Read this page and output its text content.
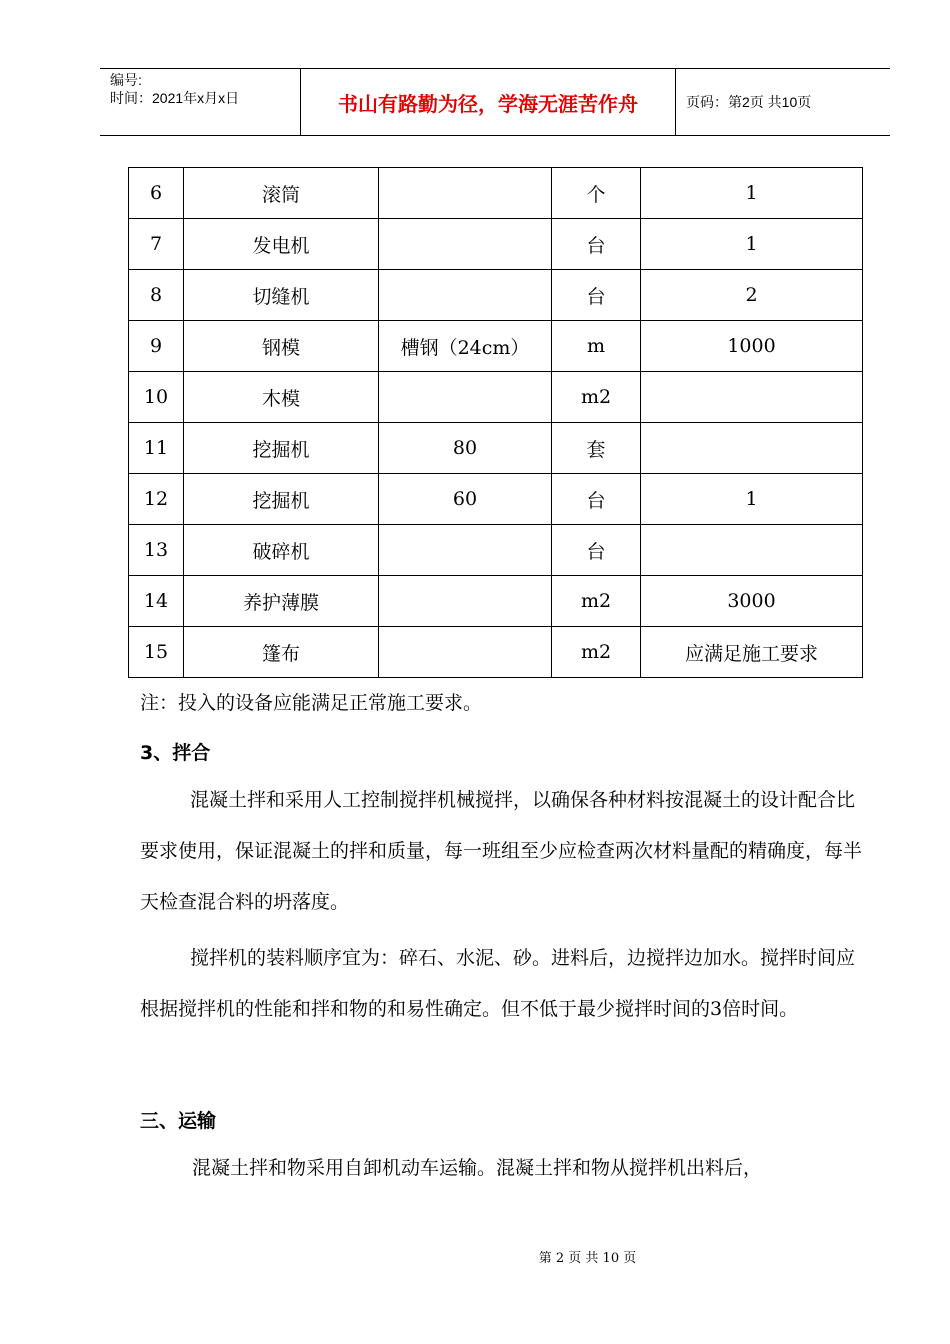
编号:
时间：2021年x月x日	书山有路勤为径，学海无涯苦作舟	页码：第2页 共10页
6	滚筒		个	1
7	发电机		台	1
8	切缝机		台	2
9	钢模	槽钢（24cm）	m	1000
10	木模		m2	
11	挖掘机	80	套	
12	挖掘机	60	台	1
13	破碎机		台	
14	养护薄膜		m2	3000
15	篷布		m2	应满足施工要求
注：投入的设备应能满足正常施工要求。
3、拌合
混凝土拌和采用人工控制搅拌机械搅拌，以确保各种材料按混凝土的设计配合比要求使用，保证混凝土的拌和质量，每一班组至少应检查两次材料量配的精确度，每半天检查混合料的坍落度。
搅拌机的装料顺序宜为：碎石、水泥、砂。进料后，边搅拌边加水。搅拌时间应根据搅拌机的性能和拌和物的和易性确定。但不低于最少搅拌时间的3倍时间。
三、运输
混凝土拌和物采用自卸机动车运输。混凝土拌和物从搅拌机出料后，
第 2 页 共 10 页
